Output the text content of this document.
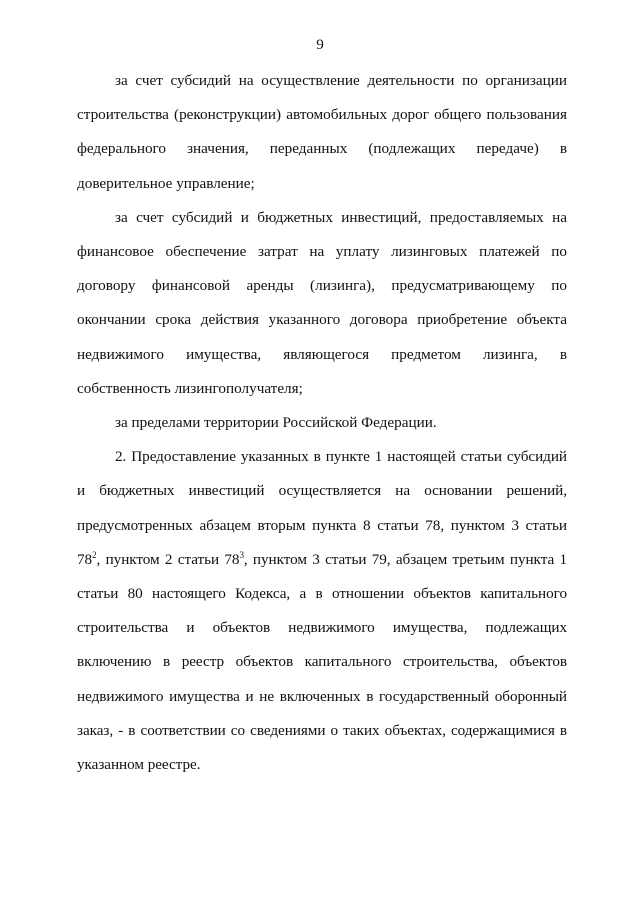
9

за счет субсидий на осуществление деятельности по организации строительства (реконструкции) автомобильных дорог общего пользования федерального значения, переданных (подлежащих передаче) в доверительное управление;

за счет субсидий и бюджетных инвестиций, предоставляемых на финансовое обеспечение затрат на уплату лизинговых платежей по договору финансовой аренды (лизинга), предусматривающему по окончании срока действия указанного договора приобретение объекта недвижимого имущества, являющегося предметом лизинга, в собственность лизингополучателя;

за пределами территории Российской Федерации.

2. Предоставление указанных в пункте 1 настоящей статьи субсидий и бюджетных инвестиций осуществляется на основании решений, предусмотренных абзацем вторым пункта 8 статьи 78, пунктом 3 статьи $78^2$, пунктом 2 статьи $78^3$, пунктом 3 статьи 79, абзацем третьим пункта 1 статьи 80 настоящего Кодекса, а в отношении объектов капитального строительства и объектов недвижимого имущества, подлежащих включению в реестр объектов капитального строительства, объектов недвижимого имущества и не включенных в государственный оборонный заказ, - в соответствии со сведениями о таких объектах, содержащимися в указанном реестре.
